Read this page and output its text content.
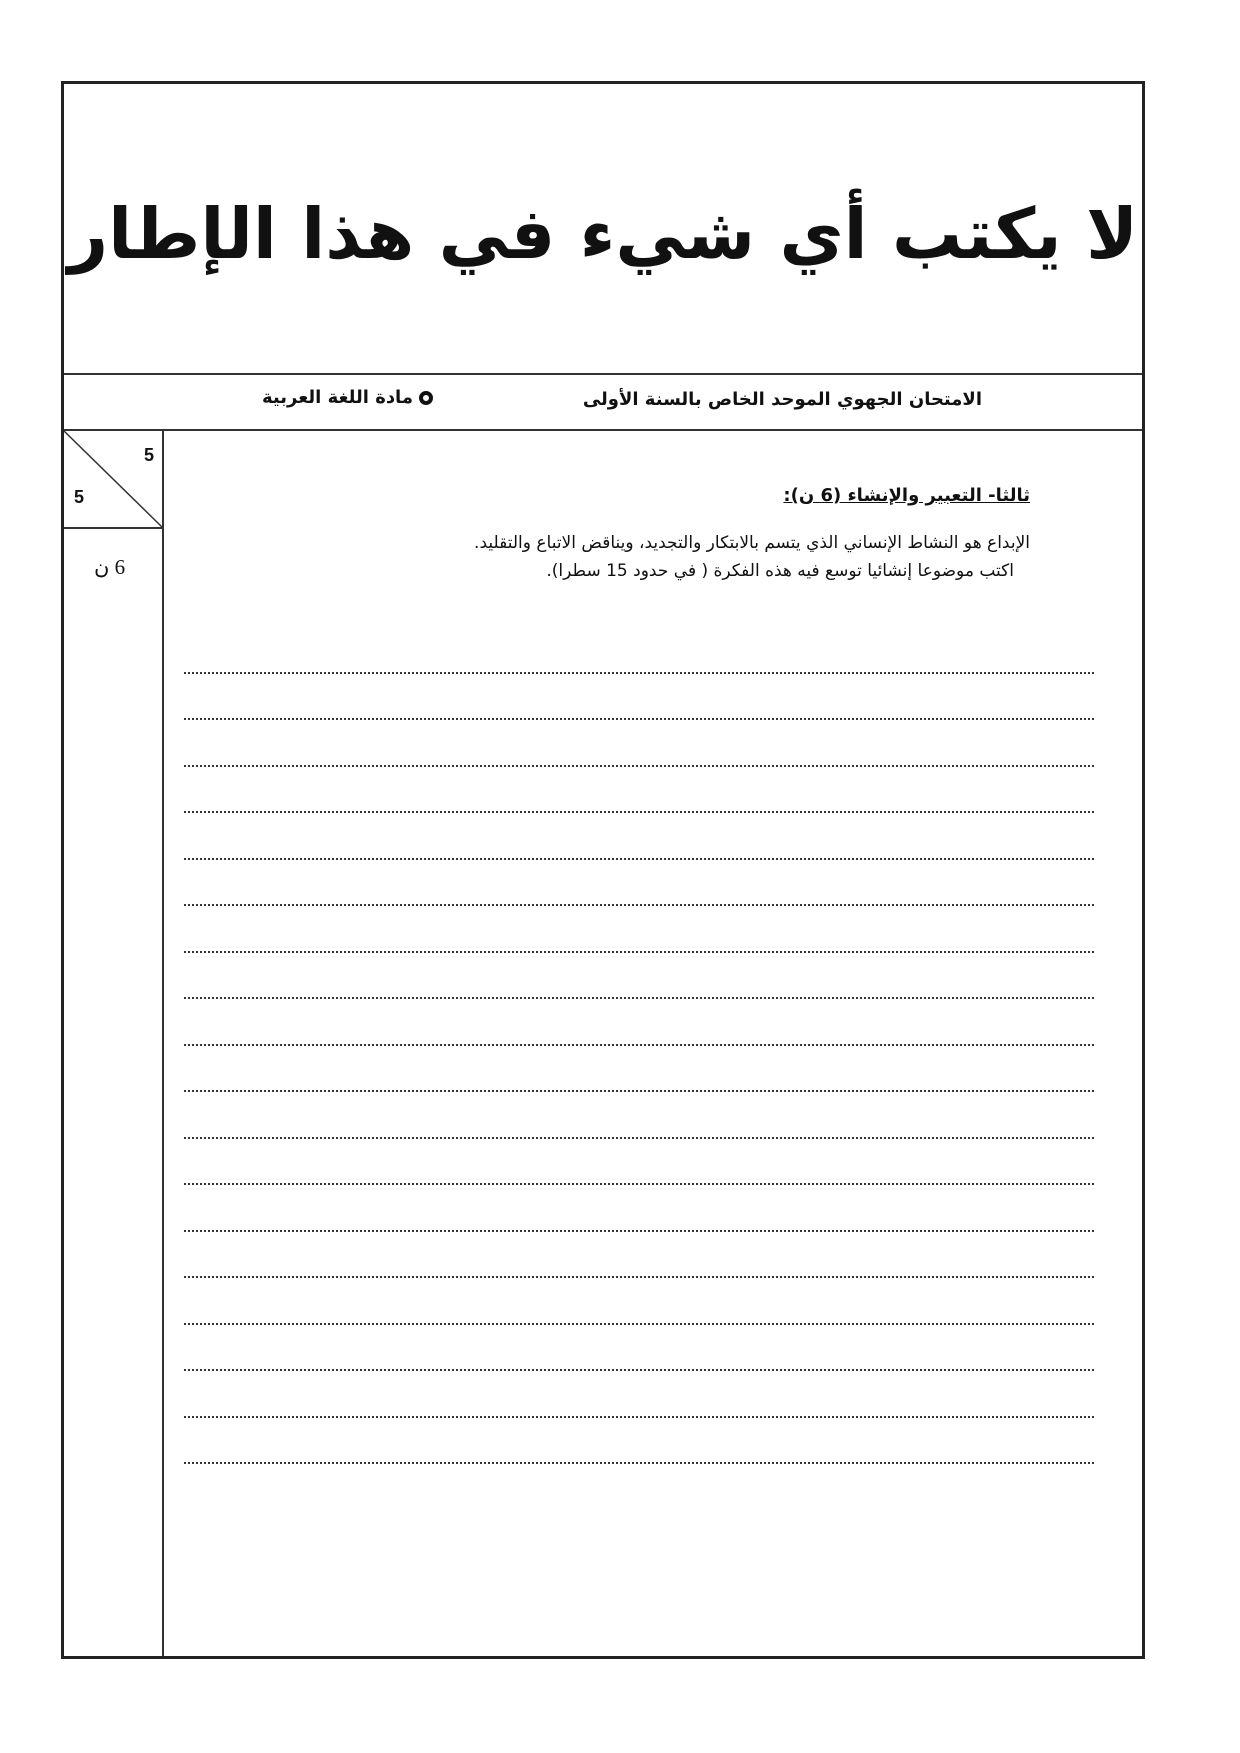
لا يكتب أي شيء في هذا الإطار
الامتحان الجهوي الموحد الخاص بالسنة الأولى
مادة اللغة العربية
5
5
6 ن
ثالثا- التعبير والإنشاء (6 ن):
الإبداع هو النشاط الإنساني الذي يتسم بالابتكار والتجديد، ويناقض الاتباع والتقليد.
اكتب موضوعا إنشائيا توسع فيه هذه الفكرة ( في حدود 15 سطرا).
